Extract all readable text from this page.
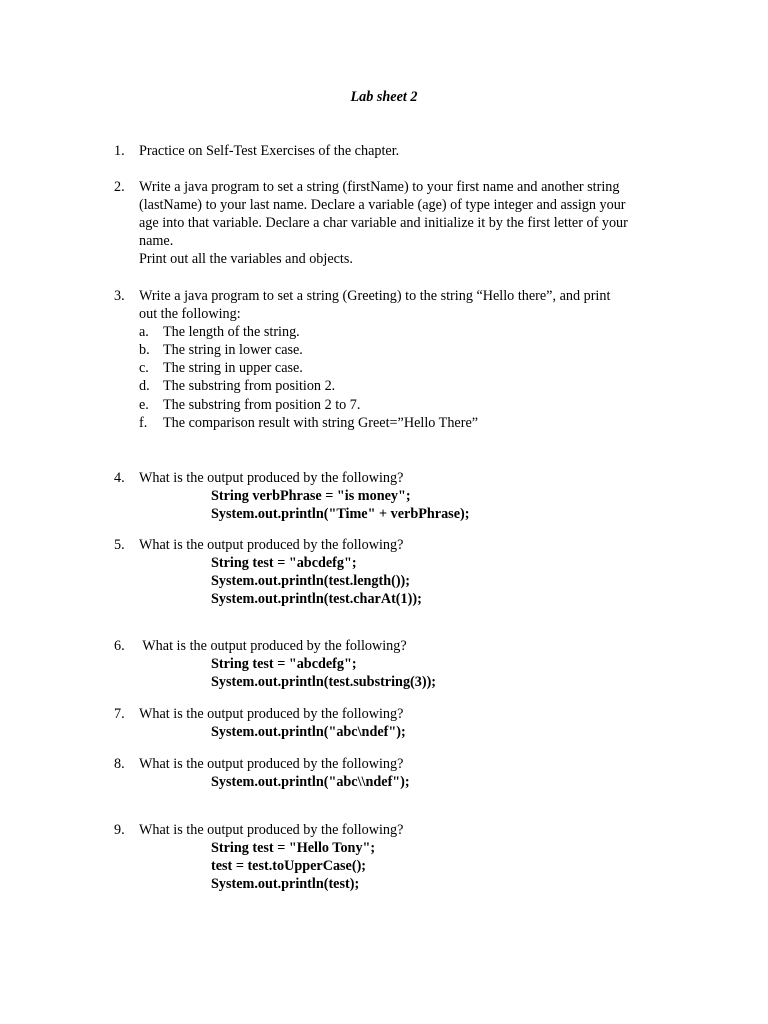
Lab sheet 2
1. Practice on Self-Test Exercises of the chapter.
2. Write a java program to set a string (firstName) to your first name and another string
(lastName) to your last name. Declare a variable (age) of type integer and assign your
age into that variable. Declare a char variable and initialize it by the first letter of your
name.
Print out all the variables and objects.
3. Write a java program to set a string (Greeting) to the string “Hello there”, and print
out the following:
a. The length of the string.
b. The string in lower case.
c. The string in upper case.
d. The substring from position 2.
e. The substring from position 2 to 7.
f. The comparison result with string Greet=”Hello There”
4. What is the output produced by the following?
String verbPhrase = "is money";
System.out.println("Time" + verbPhrase);
5. What is the output produced by the following?
String test = "abcdefg";
System.out.println(test.length());
System.out.println(test.charAt(1));
6. What is the output produced by the following?
String test = "abcdefg";
System.out.println(test.substring(3));
7. What is the output produced by the following?
System.out.println("abc\ndef");
8. What is the output produced by the following?
System.out.println("abc\\ndef");
9. What is the output produced by the following?
String test = "Hello Tony";
test = test.toUpperCase();
System.out.println(test);
